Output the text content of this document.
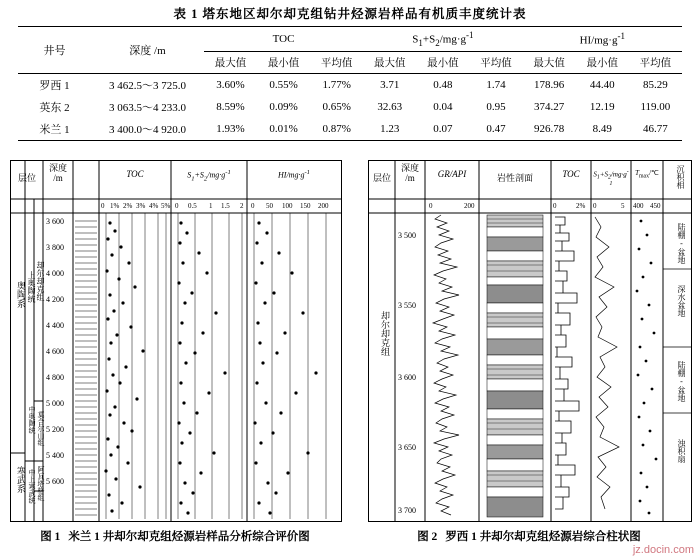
表 1 塔东地区却尔却克组钻井烃源岩样品有机质丰度统计表
井号	深度 /m	TOC			$S_1+S_2/mg\cdot g^{-1}$			$HI/mg\cdot g^{-1}$
		最大值	最小值	平均值	最大值	最小值	平均值	最大值	最小值	平均值
罗西 1	3 462.5～3 725.0	3.60%	0.55%	1.77%	3.71	0.48	1.74	178.96	44.40	85.29
英东 2	3 063.5～4 233.0	8.59%	0.09%	0.65%	32.63	0.04	0.95	374.27	12.19	119.00
米兰 1	3 400.0～4 920.0	1.93%	0.01%	0.87%	1.23	0.07	0.47	926.78	8.49	46.77
层位
深度
/m	TOC	$S_1+S_2/mg\cdot g^{-1}$	$HI/mg\cdot g^{-1}$
0 1% 2% 3% 4% 5% 0 0.5 1 1.5 2 0 50 100 150 200
3 600
3 800
4 000
4 200
4 400
4 600
4 800
5 000
5 200
5 400
5 600
奥陶系
寒武系
上奥陶统
中奥陶统
中上寒武统
却尔却克组
莫合尔山组
阿瓦塔格组
层位
深度
/m	GR/API	岩性剖面	TOC	$S_1+S_2/mg\cdot g^{-1}$
$T_{max}/℃$	沉积相
0	200	0	2% 0	5 400 450
3 500
3 550
3 600
3 650
3 700
却尔却克组
陆棚-盆地
深水盆地
陆棚-盆地
浊积扇
图 1 米兰 1 井却尔却克组烃源岩样品分析综合评价图	图 2 罗西 1 井却尔却克组烃源岩综合柱状图
jz.docin.com
